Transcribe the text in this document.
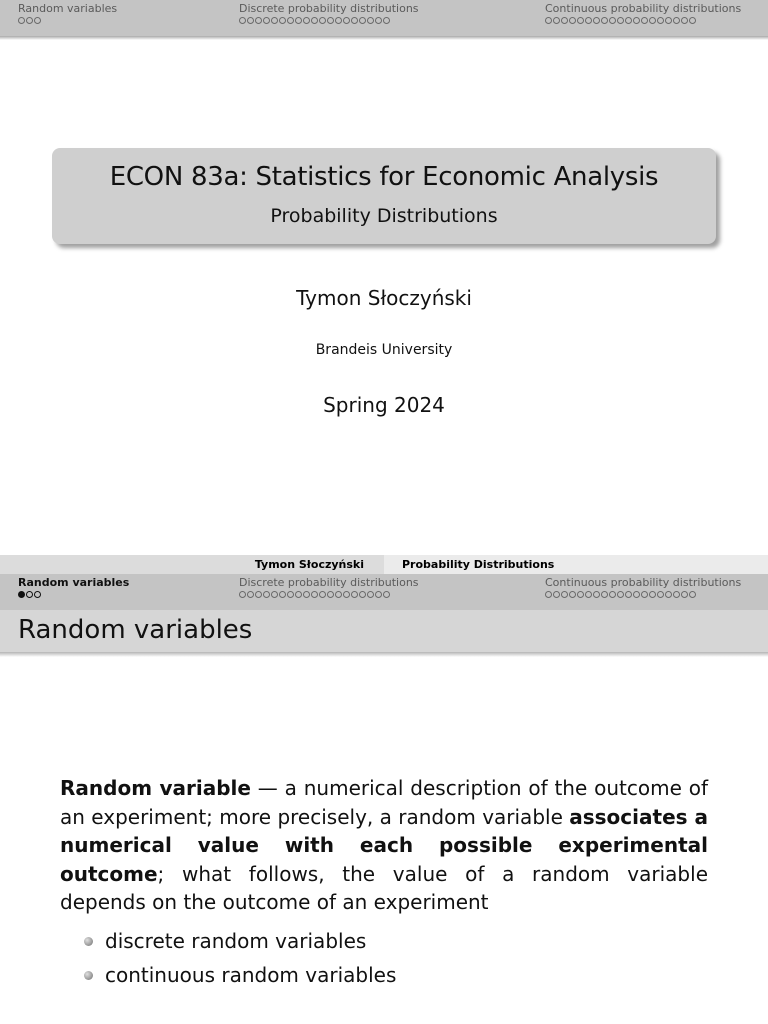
Random variables	Discrete probability distributions	Continuous probability distributions
ECON 83a: Statistics for Economic Analysis
Probability Distributions
Tymon Słoczyński
Brandeis University
Spring 2024
Tymon Słoczyński	Probability Distributions
Random variables	Discrete probability distributions	Continuous probability distributions
Random variables
Random variable — a numerical description of the outcome of an experiment; more precisely, a random variable associates a numerical value with each possible experimental outcome; what follows, the value of a random variable depends on the outcome of an experiment
discrete random variables
continuous random variables
